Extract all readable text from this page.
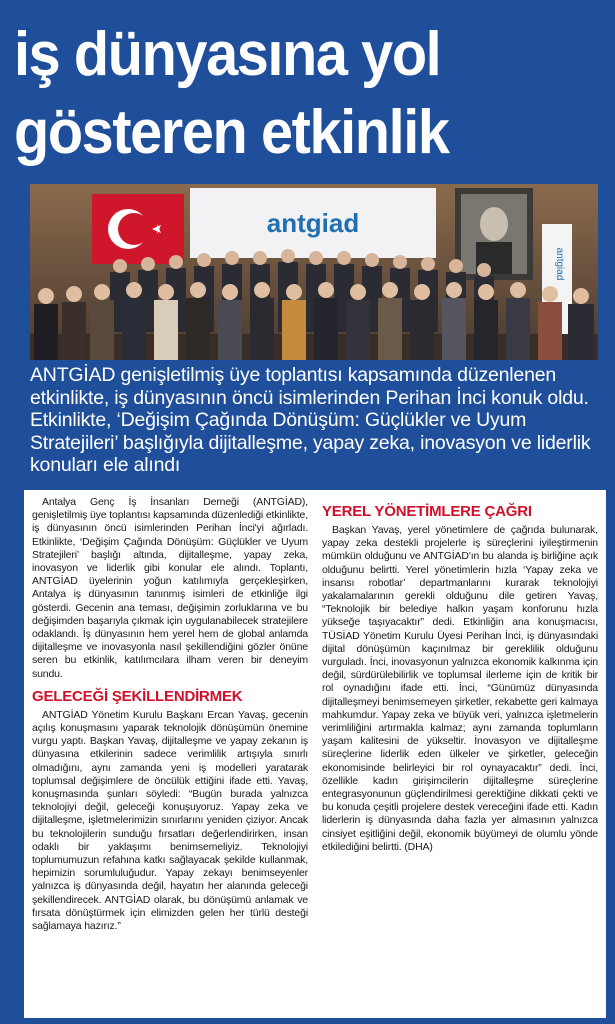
iş dünyasına yol
gösteren etkinlik
antgiad
antgiad

ANTGİAD genişletilmiş üye toplantısı kapsamında düzenlenen etkinlikte, iş dünyasının öncü isimlerinden Perihan İnci konuk oldu. Etkinlikte, ‘Değişim Çağında Dönüşüm: Güçlükler ve Uyum Stratejileri’ başlığıyla dijitalleşme, yapay zeka, inovasyon ve liderlik konuları ele alındı

Antalya Genç İş İnsanları Derneği (ANTGİAD), genişletilmiş üye toplantısı kapsamında düzenlediği etkinlikte, iş dünyasının öncü isimlerinden Perihan İnci'yi ağırladı. Etkinlikte, ‘Değişim Çağında Dönüşüm: Güçlükler ve Uyum Stratejileri’ başlığı altında, dijitalleşme, yapay zeka, inovasyon ve liderlik gibi konular ele alındı. Toplantı, ANTGİAD üyelerinin yoğun katılımıyla gerçekleşirken, Antalya iş dünyasının tanınmış isimleri de etkinliğe ilgi gösterdi. Gecenin ana teması, değişimin zorluklarına ve bu değişimden başarıyla çıkmak için uygulanabilecek stratejilere odaklandı. İş dünyasının hem yerel hem de global anlamda dijitalleşme ve inovasyonla nasıl şekillendiğini gözler önüne seren bu etkinlik, katılımcılara ilham veren bir deneyim sundu.

GELECEĞİ ŞEKİLLENDİRMEK

ANTGİAD Yönetim Kurulu Başkanı Ercan Yavaş, gecenin açılış konuşmasını yaparak teknolojik dönüşümün önemine vurgu yaptı. Başkan Yavaş, dijitalleşme ve yapay zekanın iş dünyasına etkilerinin sadece verimlilik artışıyla sınırlı olmadığını, aynı zamanda yeni iş modelleri yaratarak toplumsal değişimlere de öncülük ettiğini ifade etti. Yavaş, konuşmasında şunları söyledi: “Bugün burada yalnızca teknolojiyi değil, geleceği konuşuyoruz. Yapay zeka ve dijitalleşme, işletmelerimizin sınırlarını yeniden çiziyor. Ancak bu teknolojilerin sunduğu fırsatları değerlendirirken, insan odaklı bir yaklaşımı benimsemeliyiz. Teknolojiyi toplumumuzun refahına katkı sağlayacak şekilde kullanmak, hepimizin sorumluluğudur. Yapay zekayı benimseyenler yalnızca iş dünyasında değil, hayatın her alanında geleceği şekillendirecek. ANTGİAD olarak, bu dönüşümü anlamak ve fırsata dönüştürmek için elimizden gelen her türlü desteği sağlamaya hazırız.”

YEREL YÖNETİMLERE ÇAĞRI

Başkan Yavaş, yerel yönetimlere de çağrıda bulunarak, yapay zeka destekli projelerle iş süreçlerini iyileştirmenin mümkün olduğunu ve ANTGİAD'ın bu alanda iş birliğine açık olduğunu belirtti. Yerel yönetimlerin hızla ‘Yapay zeka ve insansı robotlar’ departmanlarını kurarak teknolojiyi yakalamalarının gerekli olduğunu dile getiren Yavaş, “Teknolojik bir belediye halkın yaşam konforunu hızla yükseğe taşıyacaktır” dedi. Etkinliğin ana konuşmacısı, TÜSİAD Yönetim Kurulu Üyesi Perihan İnci, iş dünyasındaki dijital dönüşümün kaçınılmaz bir gereklilik olduğunu vurguladı. İnci, inovasyonun yalnızca ekonomik kalkınma için değil, sürdürülebilirlik ve toplumsal ilerleme için de kritik bir rol oynadığını ifade etti. İnci, “Günümüz dünyasında dijitalleşmeyi benimsemeyen şirketler, rekabette geri kalmaya mahkumdur. Yapay zeka ve büyük veri, yalnızca işletmelerin verimliliğini artırmakla kalmaz; aynı zamanda toplumların yaşam kalitesini de yükseltir. İnovasyon ve dijitalleşme süreçlerine liderlik eden ülkeler ve şirketler, geleceğin ekonomisinde belirleyici bir rol oynayacaktır” dedi. İnci, özellikle kadın girişimcilerin dijitalleşme süreçlerine entegrasyonunun güçlendirilmesi gerektiğine dikkati çekti ve bu konuda çeşitli projelere destek vereceğini ifade etti. Kadın liderlerin iş dünyasında daha fazla yer almasının yalnızca cinsiyet eşitliğini değil, ekonomik büyümeyi de olumlu yönde etkilediğini belirtti. (DHA)
